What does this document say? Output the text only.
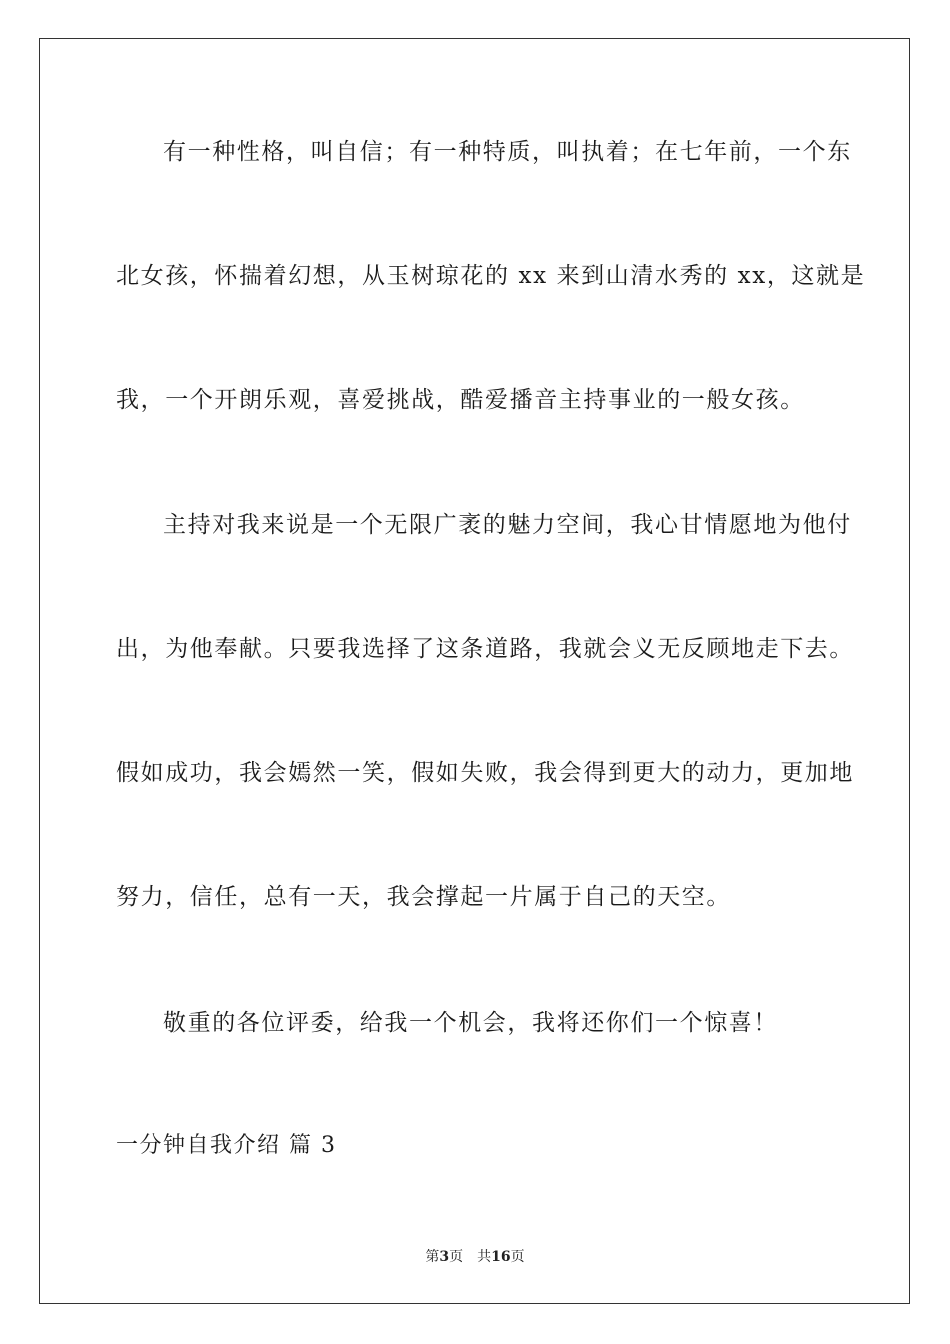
有一种性格，叫自信；有一种特质，叫执着；在七年前，一个东
北女孩，怀揣着幻想，从玉树琼花的 xx 来到山清水秀的 xx，这就是
我，一个开朗乐观，喜爱挑战，酷爱播音主持事业的一般女孩。
主持对我来说是一个无限广袤的魅力空间，我心甘情愿地为他付
出，为他奉献。只要我选择了这条道路，我就会义无反顾地走下去。
假如成功，我会嫣然一笑，假如失败，我会得到更大的动力，更加地
努力，信任，总有一天，我会撑起一片属于自己的天空。
敬重的各位评委，给我一个机会，我将还你们一个惊喜！
一分钟自我介绍 篇 3
第3页 共16页
